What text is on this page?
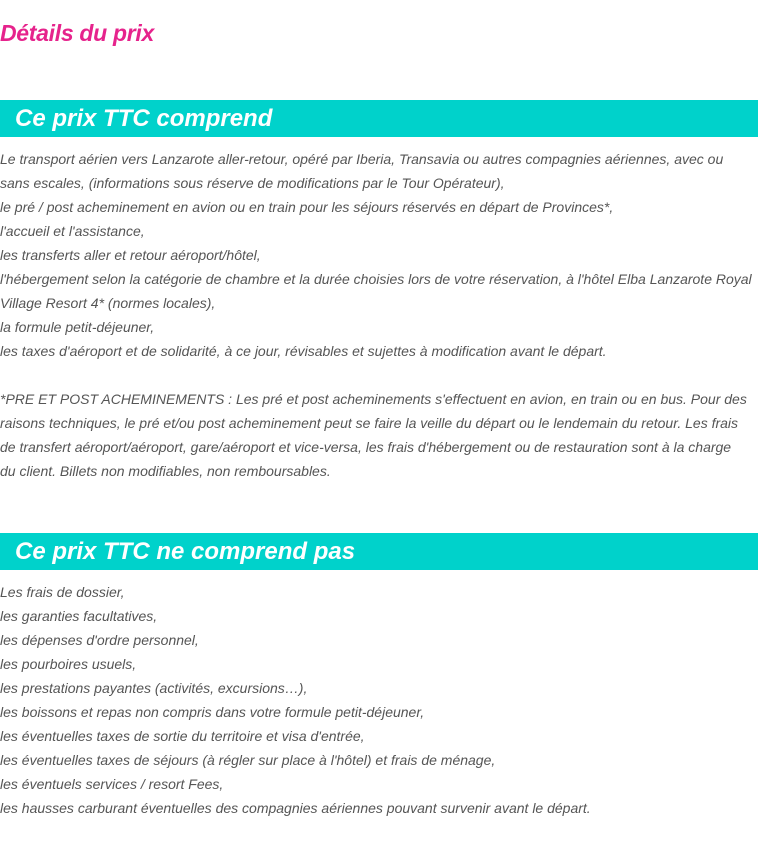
Détails du prix
Ce prix TTC comprend
Le transport aérien vers Lanzarote aller-retour, opéré par Iberia, Transavia ou autres compagnies aériennes, avec ou
sans escales, (informations sous réserve de modifications par le Tour Opérateur),
le pré / post acheminement en avion ou en train pour les séjours réservés en départ de Provinces*,
l'accueil et l'assistance,
les transferts aller et retour aéroport/hôtel,
l'hébergement selon la catégorie de chambre et la durée choisies lors de votre réservation, à l'hôtel Elba Lanzarote Royal
Village Resort 4* (normes locales),
la formule petit-déjeuner,
les taxes d'aéroport et de solidarité, à ce jour, révisables et sujettes à modification avant le départ.
*PRE ET POST ACHEMINEMENTS : Les pré et post acheminements s'effectuent en avion, en train ou en bus. Pour des
raisons techniques, le pré et/ou post acheminement peut se faire la veille du départ ou le lendemain du retour. Les frais
de transfert aéroport/aéroport, gare/aéroport et vice-versa, les frais d'hébergement ou de restauration sont à la charge
du client. Billets non modifiables, non remboursables.
Ce prix TTC ne comprend pas
Les frais de dossier,
les garanties facultatives,
les dépenses d'ordre personnel,
les pourboires usuels,
les prestations payantes (activités, excursions…),
les boissons et repas non compris dans votre formule petit-déjeuner,
les éventuelles taxes de sortie du territoire et visa d'entrée,
les éventuelles taxes de séjours (à régler sur place à l'hôtel) et frais de ménage,
les éventuels services / resort Fees,
les hausses carburant éventuelles des compagnies aériennes pouvant survenir avant le départ.
